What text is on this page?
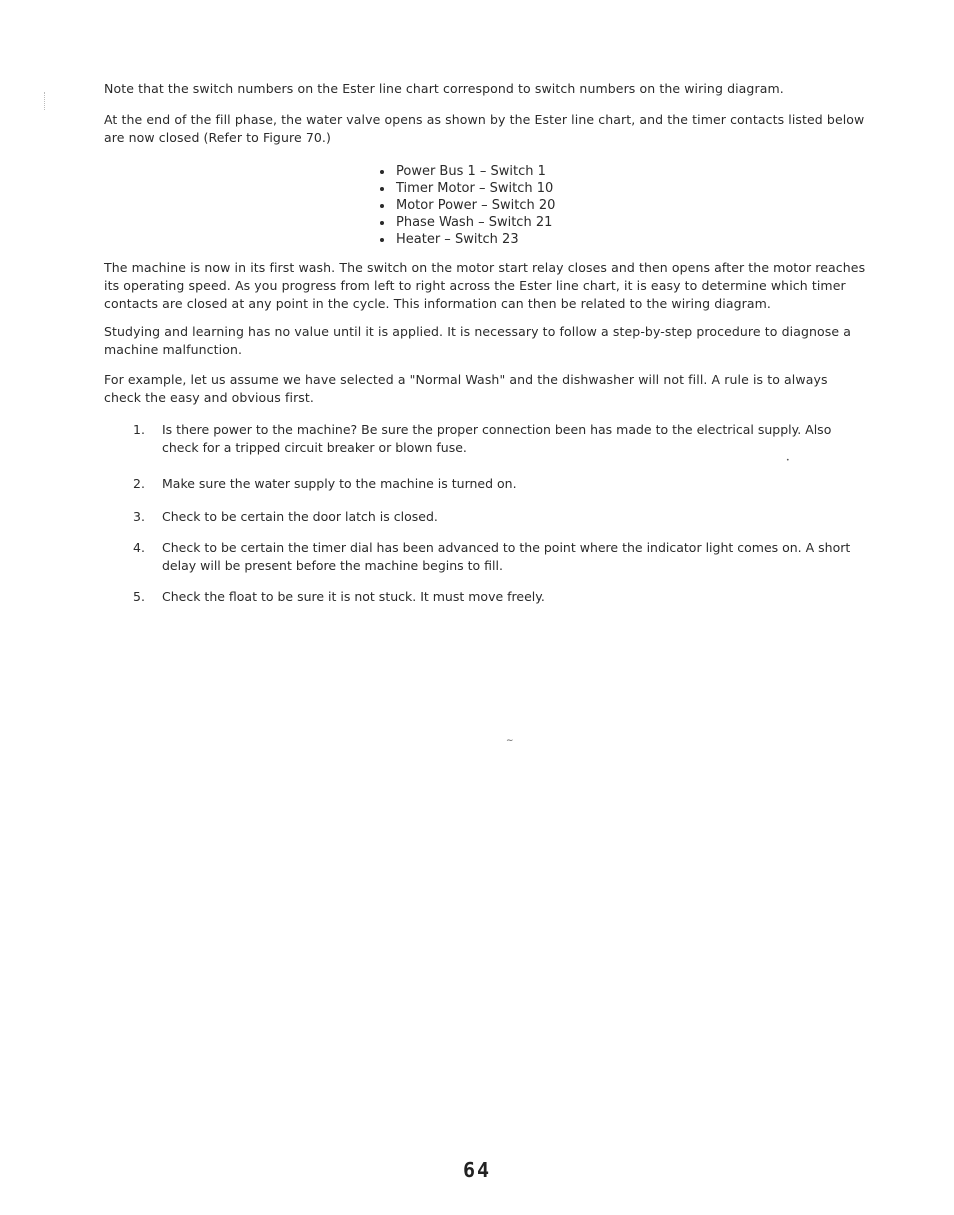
Note that the switch numbers on the Ester line chart correspond to switch numbers on the wiring diagram.

At the end of the fill phase, the water valve opens as shown by the Ester line chart, and the timer contacts listed below are now closed (Refer to Figure 70.)

Power Bus 1 – Switch 1
Timer Motor – Switch 10
Motor Power – Switch 20
Phase Wash – Switch 21
Heater – Switch 23

The machine is now in its first wash. The switch on the motor start relay closes and then opens after the motor reaches its operating speed. As you progress from left to right across the Ester line chart, it is easy to determine which timer contacts are closed at any point in the cycle. This information can then be related to the wiring diagram.

Studying and learning has no value until it is applied. It is necessary to follow a step-by-step procedure to diagnose a machine malfunction.

For example, let us assume we have selected a "Normal Wash" and the dishwasher will not fill. A rule is to always check the easy and obvious first.

1.	Is there power to the machine? Be sure the proper connection been has made to the electrical supply. Also check for a tripped circuit breaker or blown fuse.
2.	Make sure the water supply to the machine is turned on.
3.	Check to be certain the door latch is closed.
4.	Check to be certain the timer dial has been advanced to the point where the indicator light comes on. A short delay will be present before the machine begins to fill.
5.	Check the float to be sure it is not stuck. It must move freely.
∼
•
64
